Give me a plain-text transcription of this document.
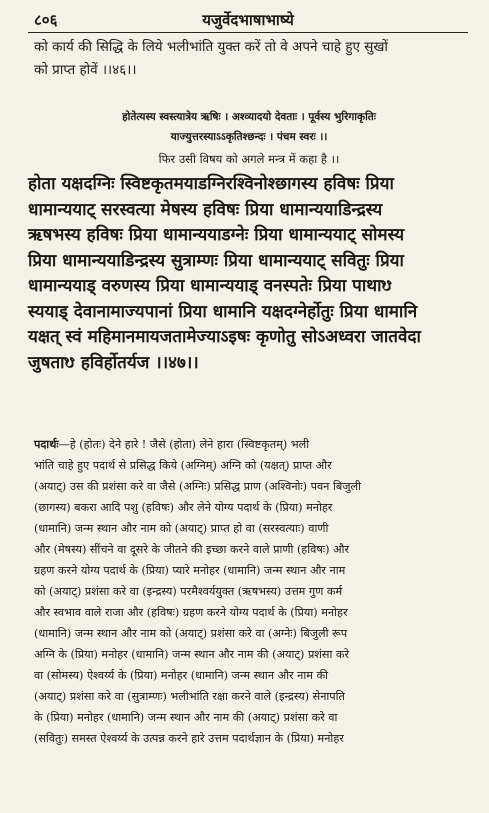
८०६	यजुर्वेदभाषाभाष्ये
को कार्य की सिद्धि के लिये भलीभांति युक्त करें तो वे अपने चाहे हुए सुखों
को प्राप्त होवें ।।४६।।
होतेत्यस्य स्वस्त्यात्रेय ऋषिः । अश्व्यादयो देवताः । पूर्वस्य भुरिगाकृतिः
याज्युत्तरस्याऽऽकृतिश्छन्दः । पंचम स्वरः ।।
फिर उसी विषय को अगले मन्त्र में कहा है ।।
होता यक्षदग्निः स्विष्टकृतमयाडग्निरश्विनोश्छागस्य हविषः प्रिया
धामान्ययाट् सरस्वत्या मेषस्य हविषः प्रिया धामान्ययाडिन्द्रस्य
ऋषभस्य हविषः प्रिया धामान्ययाडग्नेः प्रिया धामान्ययाट् सोमस्य
प्रिया धामान्ययाडिन्द्रस्य सुत्राम्णः प्रिया धामान्ययाट् सवितुः प्रिया
धामान्ययाड् वरुणस्य प्रिया धामान्ययाड् वनस्पतेः प्रिया पाथाᳪ
स्ययाड् देवानामाज्यपानां प्रिया धामानि यक्षदग्नेर्होतुः प्रिया धामानि
यक्षत् स्वं महिमानमायजतामेज्याऽइषः कृणोतु सोऽअध्वरा जातवेदा
जुषताᳪ हविर्होतर्यज ।।४७।।
पदार्थः—हे (होतः) देने हारे ! जैसे (होता) लेने हारा (स्विष्टकृतम्) भली
भांति चाहे हुए पदार्थ से प्रसिद्ध किये (अग्निम्) अग्नि को (यक्षत्) प्राप्त और
(अयाट्) उस की प्रशंसा करे वा जैसे (अग्निः) प्रसिद्ध प्राण (अश्विनोः) पवन बिजुली
(छागस्य) बकरा आदि पशु (हविषः) और लेने योग्य पदार्थ के (प्रिया) मनोहर
(धामानि) जन्म स्थान और नाम को (अयाट्) प्राप्त हो वा (सरस्वत्याः) वाणी
और (मेषस्य) सींचने वा दूसरे के जीतने की इच्छा करने वाले प्राणी (हविषः) और
ग्रहण करने योग्य पदार्थ के (प्रिया) प्यारे मनोहर (धामानि) जन्म स्थान और नाम
को (अयाट्) प्रशंसा करे वा (इन्द्रस्य) परमैश्वर्ययुक्त (ऋषभस्य) उत्तम गुण कर्म
और स्वभाव वाले राजा और (हविषः) ग्रहण करने योग्य पदार्थ के (प्रिया) मनोहर
(धामानि) जन्म स्थान और नाम को (अयाट्) प्रशंसा करे वा (अग्नेः) बिजुली रूप
अग्नि के (प्रिया) मनोहर (धामानि) जन्म स्थान और नाम की (अयाट्) प्रशंसा करे
वा (सोमस्य) ऐश्वर्य्य के (प्रिया) मनोहर (धामानि) जन्म स्थान और नाम की
(अयाट्) प्रशंसा करे वा (सुत्राम्णः) भलीभांति रक्षा करने वाले (इन्द्रस्य) सेनापति
के (प्रिया) मनोहर (धामानि) जन्म स्थान और नाम की (अयाट्) प्रशंसा करे वा
(सवितुः) समस्त ऐश्वर्य्य के उत्पन्न करने हारे उत्तम पदार्थज्ञान के (प्रिया) मनोहर
